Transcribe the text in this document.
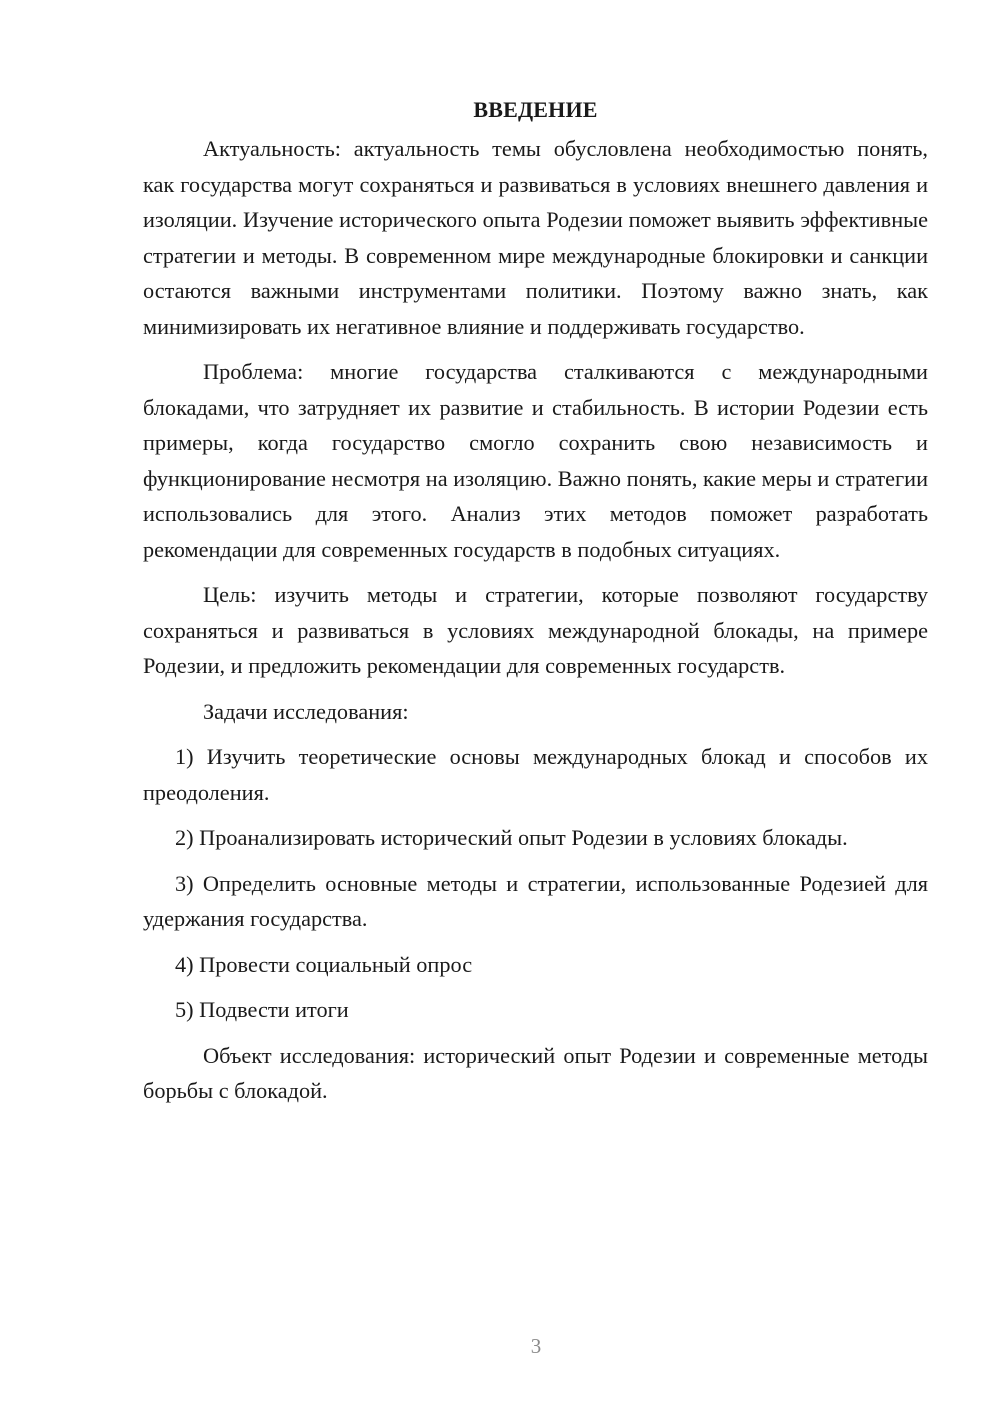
ВВЕДЕНИЕ

Актуальность: актуальность темы обусловлена необходимостью понять, как государства могут сохраняться и развиваться в условиях внешнего давления и изоляции. Изучение исторического опыта Родезии поможет выявить эффективные стратегии и методы. В современном мире международные блокировки и санкции остаются важными инструментами политики. Поэтому важно знать, как минимизировать их негативное влияние и поддерживать государство.

Проблема: многие государства сталкиваются с международными блокадами, что затрудняет их развитие и стабильность. В истории Родезии есть примеры, когда государство смогло сохранить свою независимость и функционирование несмотря на изоляцию. Важно понять, какие меры и стратегии использовались для этого. Анализ этих методов поможет разработать рекомендации для современных государств в подобных ситуациях.

Цель: изучить методы и стратегии, которые позволяют государству сохраняться и развиваться в условиях международной блокады, на примере Родезии, и предложить рекомендации для современных государств.

Задачи исследования:

1) Изучить теоретические основы международных блокад и способов их преодоления.

2) Проанализировать исторический опыт Родезии в условиях блокады.

3) Определить основные методы и стратегии, использованные Родезией для удержания государства.

4) Провести социальный опрос

5) Подвести итоги

Объект исследования: исторический опыт Родезии и современные методы борьбы с блокадой.

3
